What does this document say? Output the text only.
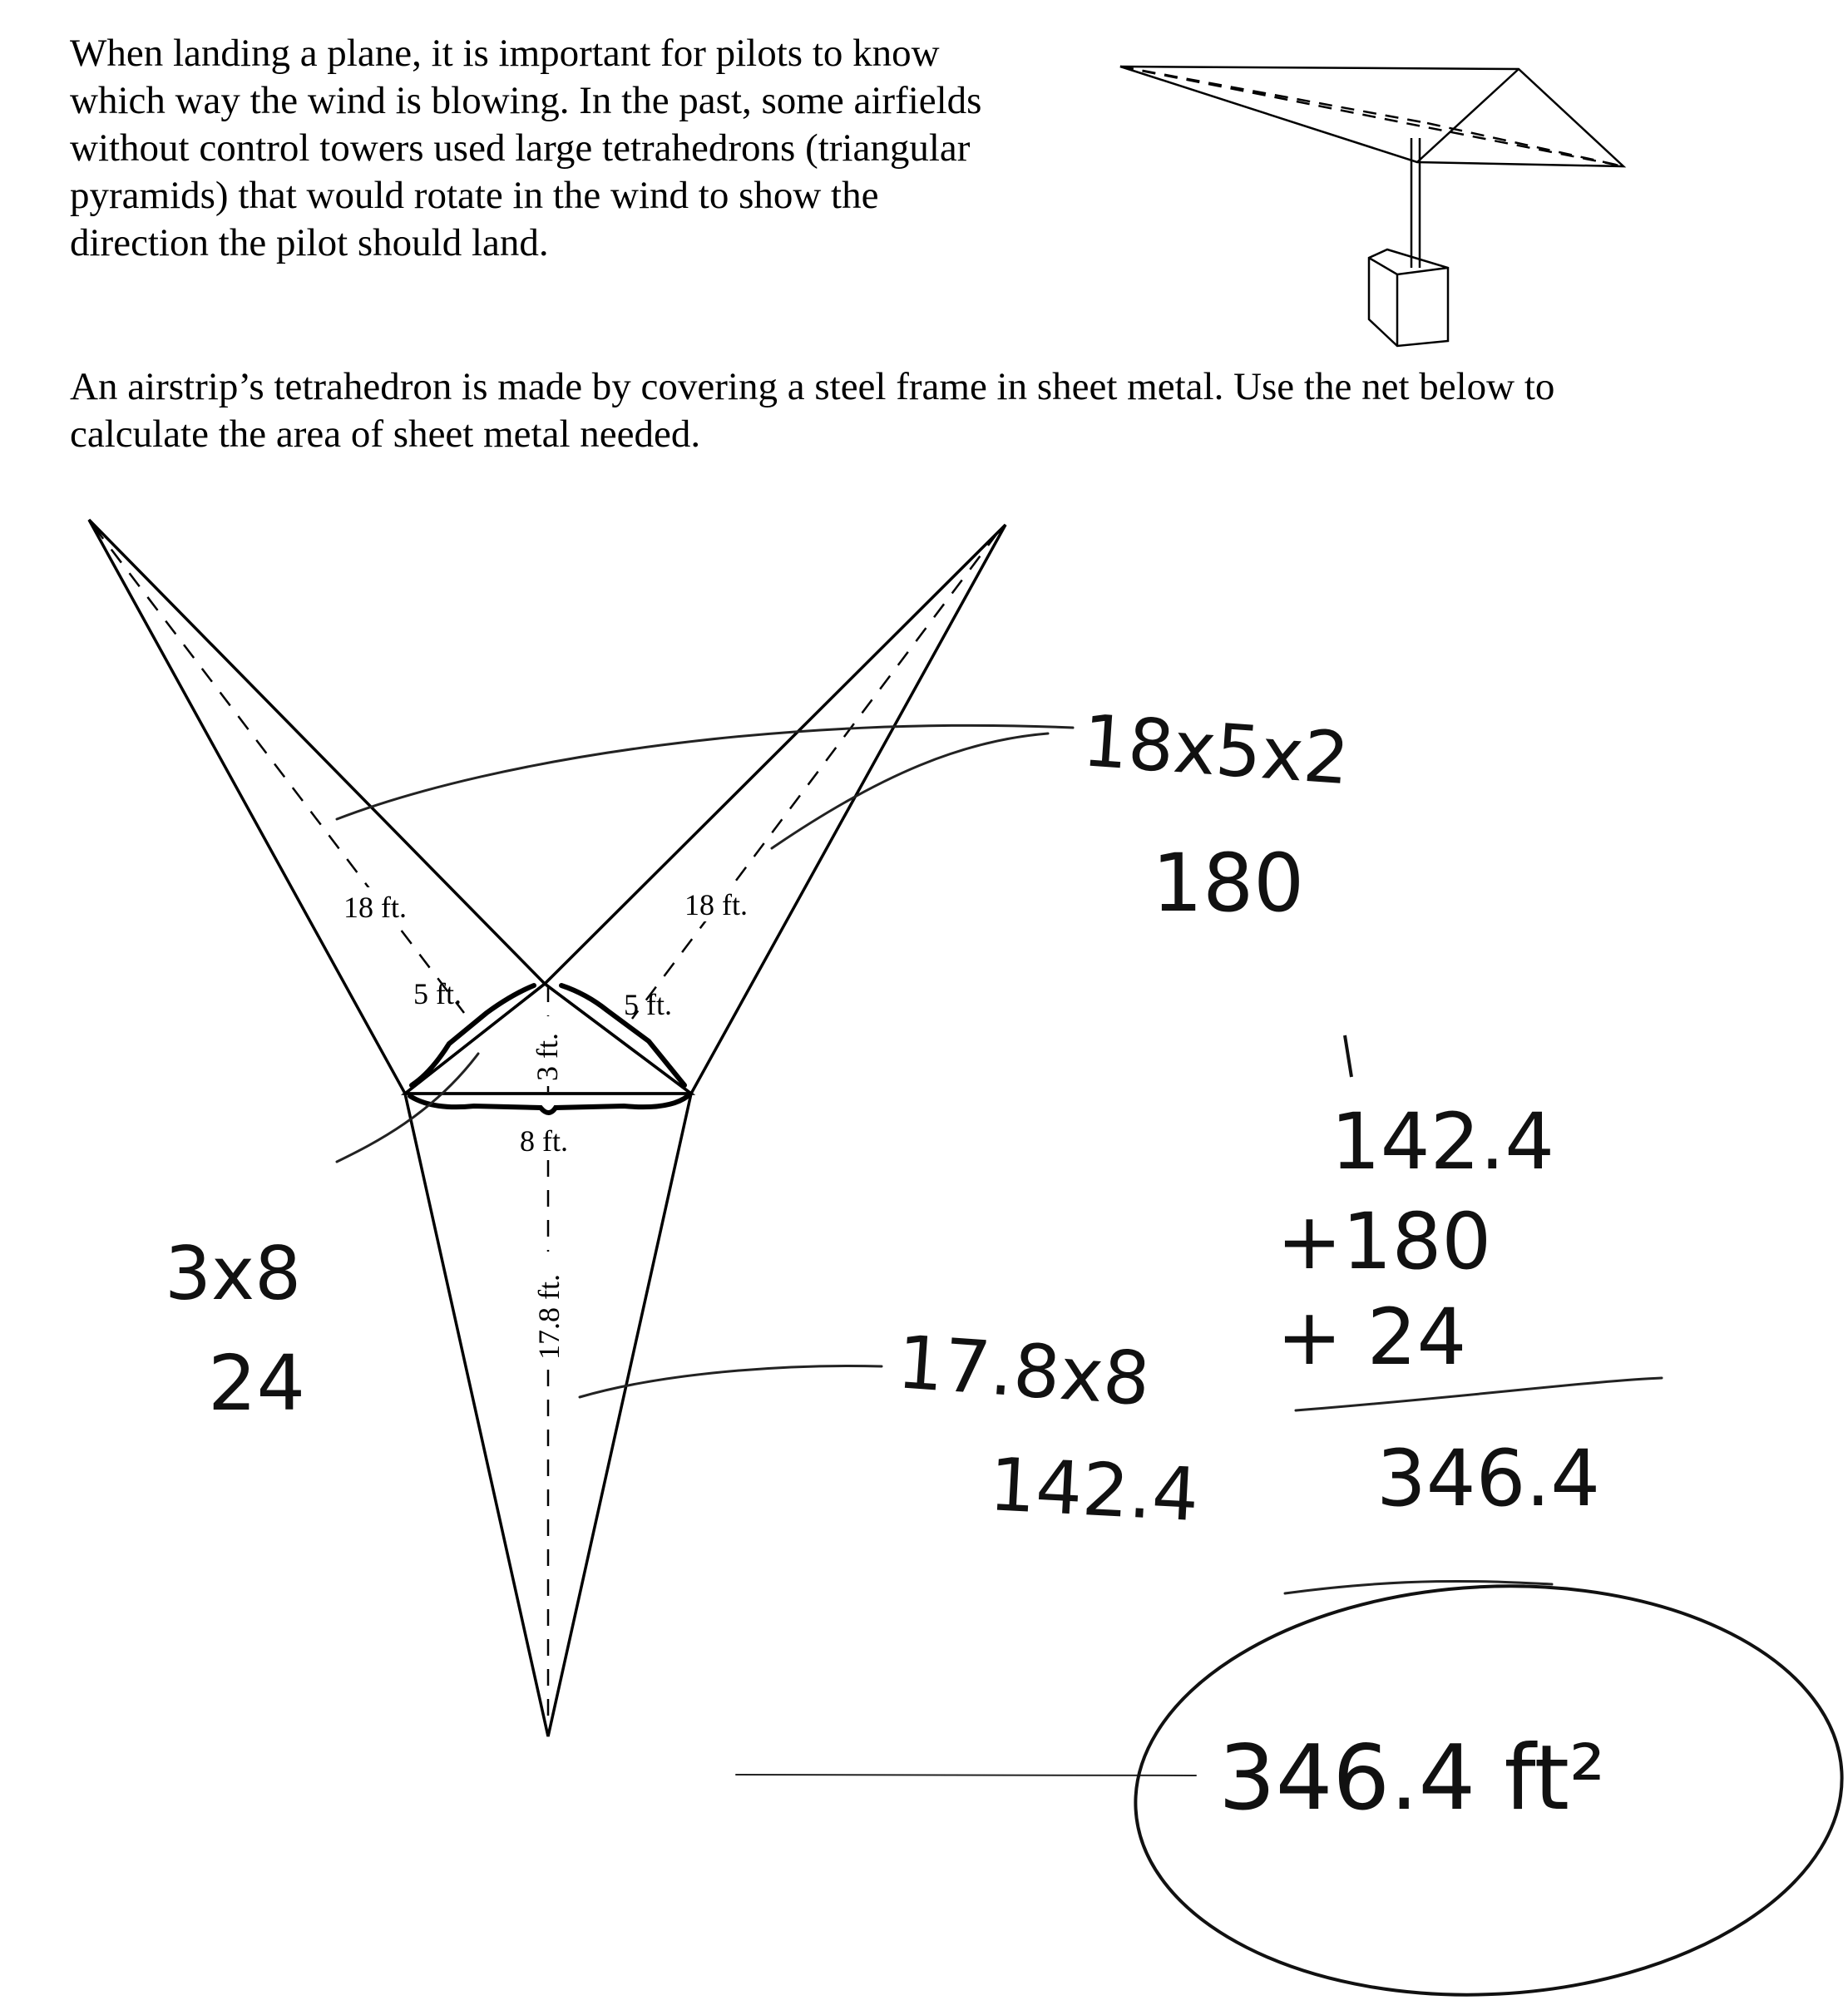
When landing a plane, it is important for pilots to know
which way the wind is blowing. In the past, some airfields
without control towers used large tetrahedrons (triangular
pyramids) that would rotate in the wind to show the
direction the pilot should land.
An airstrip’s tetrahedron is made by covering a steel frame in sheet metal. Use the net below to
calculate the area of sheet metal needed.
18 ft.	18 ft.
5 ft.	5 ft.
3 ft.
8 ft.
17.8 ft.
18x5x2
180
3x8
24	17.8x8
142.4
142.4
+180
+ 24
346.4
346.4 ft²
